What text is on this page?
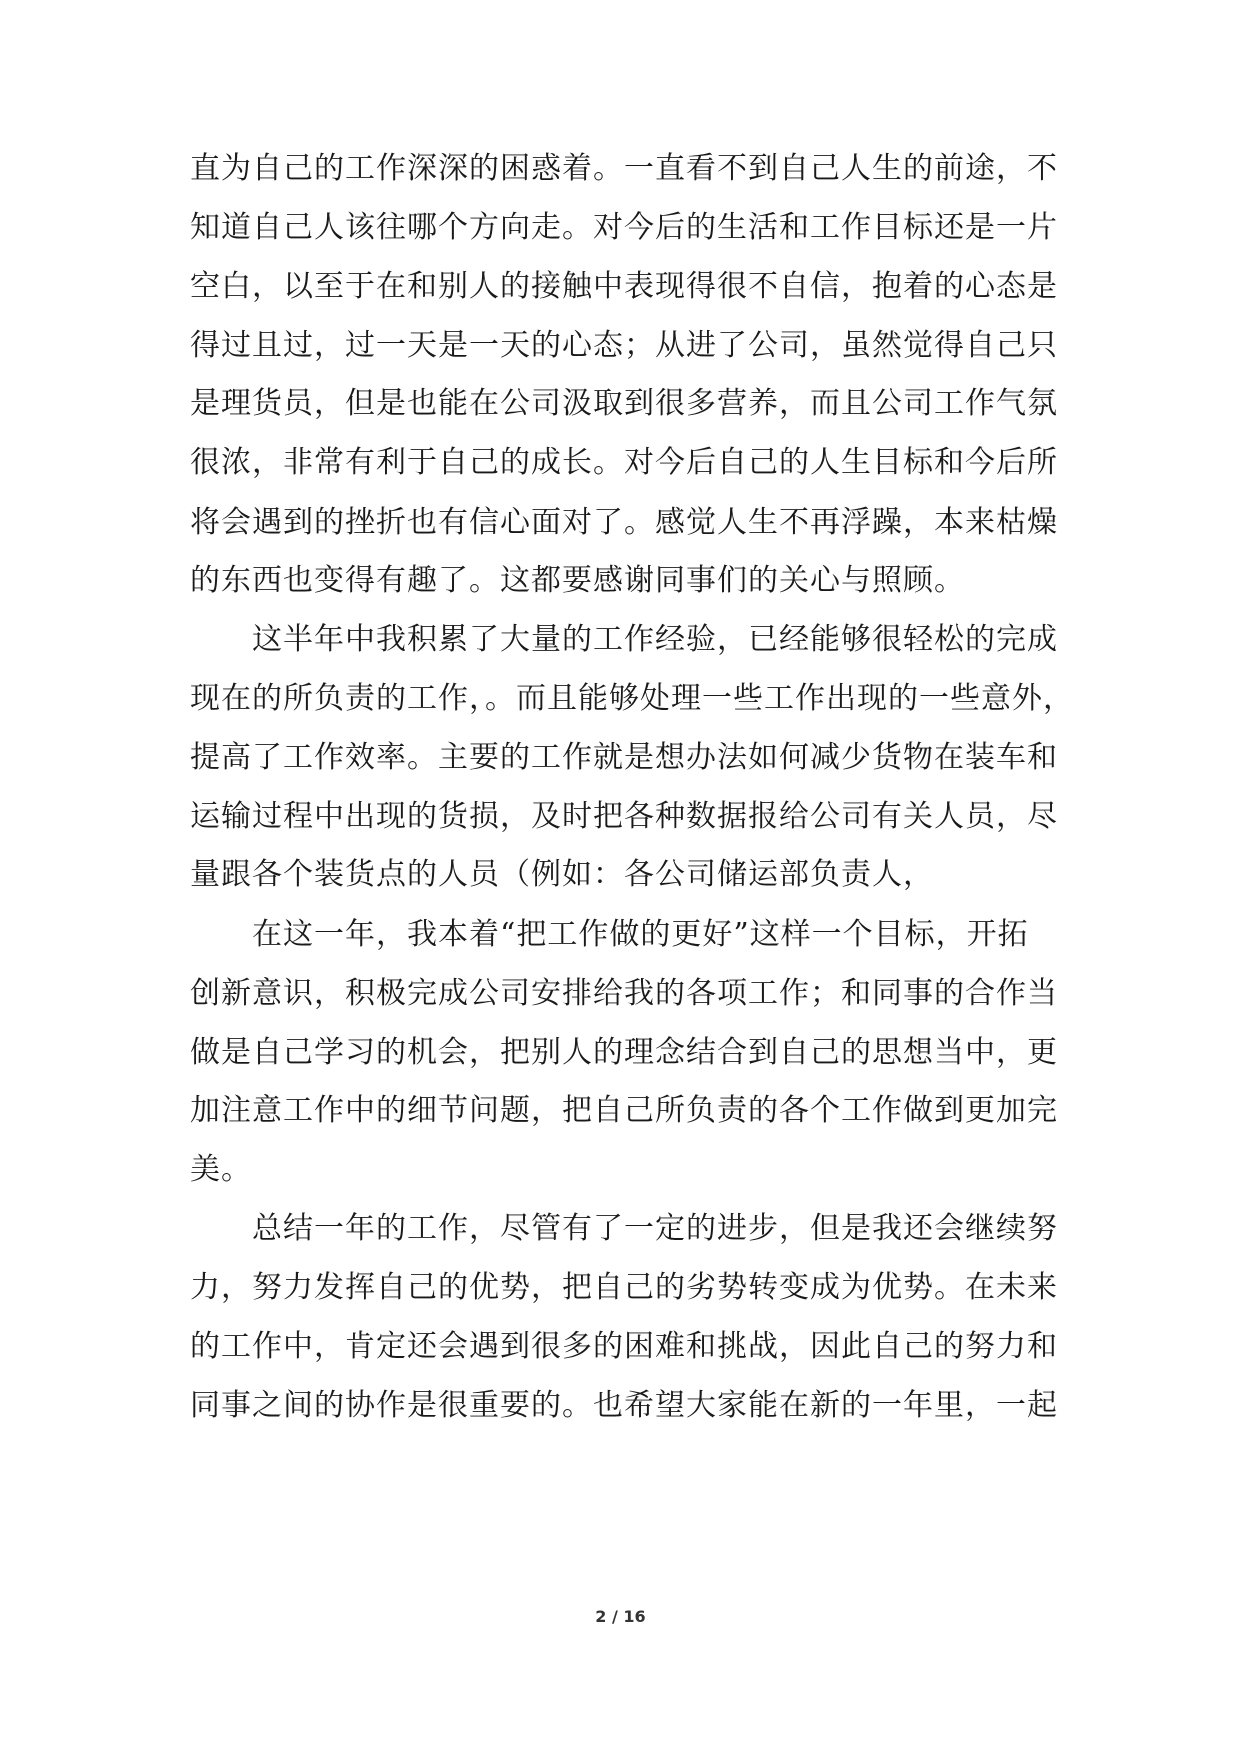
直为自己的工作深深的困惑着。一直看不到自己人生的前途，不
知道自己人该往哪个方向走。对今后的生活和工作目标还是一片
空白，以至于在和别人的接触中表现得很不自信，抱着的心态是
得过且过，过一天是一天的心态；从进了公司，虽然觉得自己只
是理货员，但是也能在公司汲取到很多营养，而且公司工作气氛
很浓，非常有利于自己的成长。对今后自己的人生目标和今后所
将会遇到的挫折也有信心面对了。感觉人生不再浮躁，本来枯燥
的东西也变得有趣了。这都要感谢同事们的关心与照顾。
　　这半年中我积累了大量的工作经验，已经能够很轻松的完成
现在的所负责的工作，。而且能够处理一些工作出现的一些意外，
提高了工作效率。主要的工作就是想办法如何减少货物在装车和
运输过程中出现的货损，及时把各种数据报给公司有关人员，尽
量跟各个装货点的人员（例如：各公司储运部负责人，
　　在这一年，我本着“把工作做的更好”这样一个目标，开拓
创新意识，积极完成公司安排给我的各项工作；和同事的合作当
做是自己学习的机会，把别人的理念结合到自己的思想当中，更
加注意工作中的细节问题，把自己所负责的各个工作做到更加完
美。
　　总结一年的工作，尽管有了一定的进步，但是我还会继续努
力，努力发挥自己的优势，把自己的劣势转变成为优势。在未来
的工作中，肯定还会遇到很多的困难和挑战，因此自己的努力和
同事之间的协作是很重要的。也希望大家能在新的一年里，一起
2 / 16
